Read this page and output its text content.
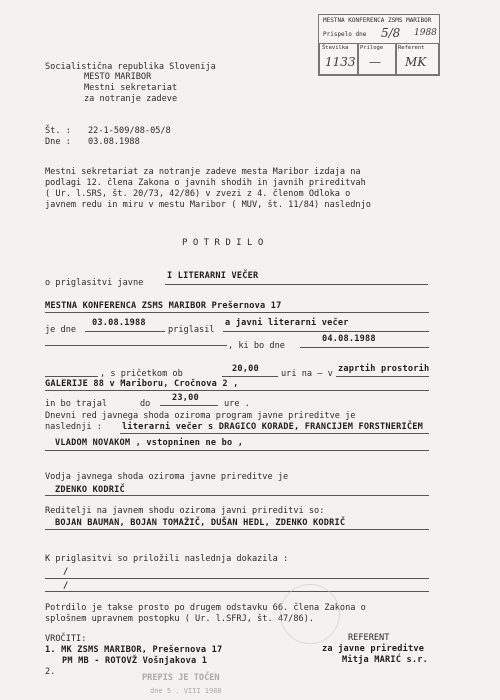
MESTNA KONFERENCA ZSMS MARIBOR
Prispelo dne 5/8 1988
Številka Priloge	Referent
1133 — MK
Socialistična republika Slovenija
MESTO MARIBOR
Mestni sekretariat
za notranje zadeve
Št. : 22-1-509/88-05/8
Dne : 03.08.1988
Mestni sekretariat za notranje zadeve mesta Maribor izdaja na
podlagi 12. člena Zakona o javnih shodih in javnih prireditvah
( Ur. l.SRS, št. 20/73, 42/86) v zvezi z 4. členom Odloka o
javnem redu in miru v mestu Maribor ( MUV, št. 11/84) naslednjo
P O T R D I L O
o priglasitvi javne
I LITERARNI VEČER
MESTNA KONFERENCA ZSMS MARIBOR Prešernova 17
je dne
03.08.1988
priglasil
a javni literarni večer
, ki bo dne
04.08.1988
, s pričetkom ob	20,00	uri na – v zaprtih prostorih
GALERIJE 88 v Mariboru, Cročnova 2 ,
in bo trajal	do
23,00
ure .
Dnevni red javnega shoda oziroma program javne prireditve je
naslednji : literarni večer s DRAGICO KORADE, FRANCIJEM FORSTNERIČEM
VLADOM NOVAKOM , vstopninen ne bo ,
Vodja javnega shoda oziroma javne prireditve je
ZDENKO KODRIČ
Reditelji na javnem shodu oziroma javni prireditvi so:
BOJAN BAUMAN, BOJAN TOMAŽIČ, DUŠAN HEDL, ZDENKO KODRIČ
K priglasitvi so priložili naslednja dokazila :
/
/
Potrdilo je takse prosto po drugem odstavku 66. člena Zakona o
splošnem upravnem postopku ( Ur. l.SFRJ, št. 47/86).
VROČITI:
1. MK ZSMS MARIBOR, Prešernova 17
PM MB - ROTOVŽ Vošnjakova 1
2.
REFERENT
za javne prireditve
Mitja MARIĆ s.r.
PREPIS JE TOČEN
dne 5 . VIII 1988
